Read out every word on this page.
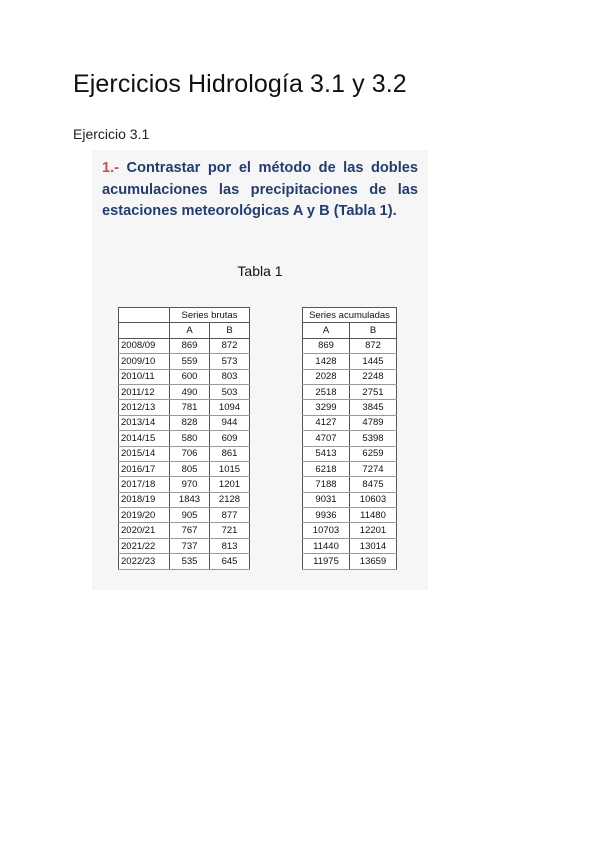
Ejercicios Hidrología 3.1 y 3.2
Ejercicio 3.1
1.- Contrastar por el método de las dobles acumulaciones las precipitaciones de las estaciones meteorológicas A y B (Tabla 1).
Tabla 1
	Series brutas	
	A	B
2008/09	869	872
2009/10	559	573
2010/11	600	803
2011/12	490	503
2012/13	781	1094
2013/14	828	944
2014/15	580	609
2015/14	706	861
2016/17	805	1015
2017/18	970	1201
2018/19	1843	2128
2019/20	905	877
2020/21	767	721
2021/22	737	813
2022/23	535	645
Series acumuladas	
A	B
869	872
1428	1445
2028	2248
2518	2751
3299	3845
4127	4789
4707	5398
5413	6259
6218	7274
7188	8475
9031	10603
9936	11480
10703	12201
11440	13014
11975	13659
